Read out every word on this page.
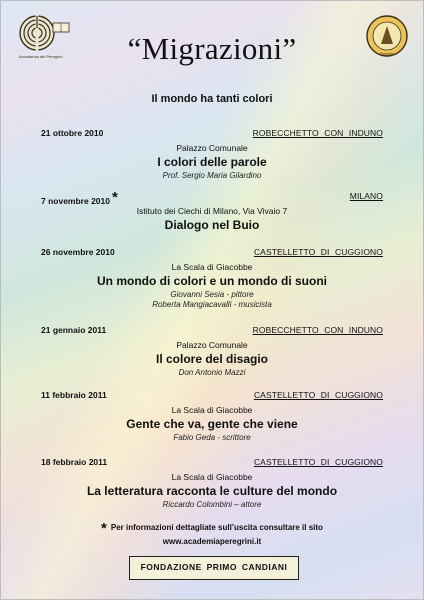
Accademia dei Peregrini	Peregrini
“Migrazioni”
Il mondo ha tanti colori
21 ottobre 2010	ROBECCHETTO CON INDUNO
Palazzo Comunale
I colori delle parole
Prof. Sergio Maria Gilardino
7 novembre 2010 *	MILANO
Istituto dei Ciechi di Milano, Via Vivaio 7
Dialogo nel Buio
26 novembre 2010	CASTELLETTO DI CUGGIONO
La Scala di Giacobbe
Un mondo di colori e un mondo di suoni
Giovanni Sesia - pittore
Roberta Mangiacavalli - musicista
21 gennaio 2011	ROBECCHETTO CON INDUNO
Palazzo Comunale
Il colore del disagio
Don Antonio Mazzi
11 febbraio 2011	CASTELLETTO DI CUGGIONO
La Scala di Giacobbe
Gente che va, gente che viene
Fabio Geda - scrittore
18 febbraio 2011	CASTELLETTO DI CUGGIONO
La Scala di Giacobbe
La letteratura racconta le culture del mondo
Riccardo Colombini – attore
* Per informazioni dettagliate sull’uscita consultare il sito
www.academiaperegrini.it
FONDAZIONE PRIMO CANDIANI
